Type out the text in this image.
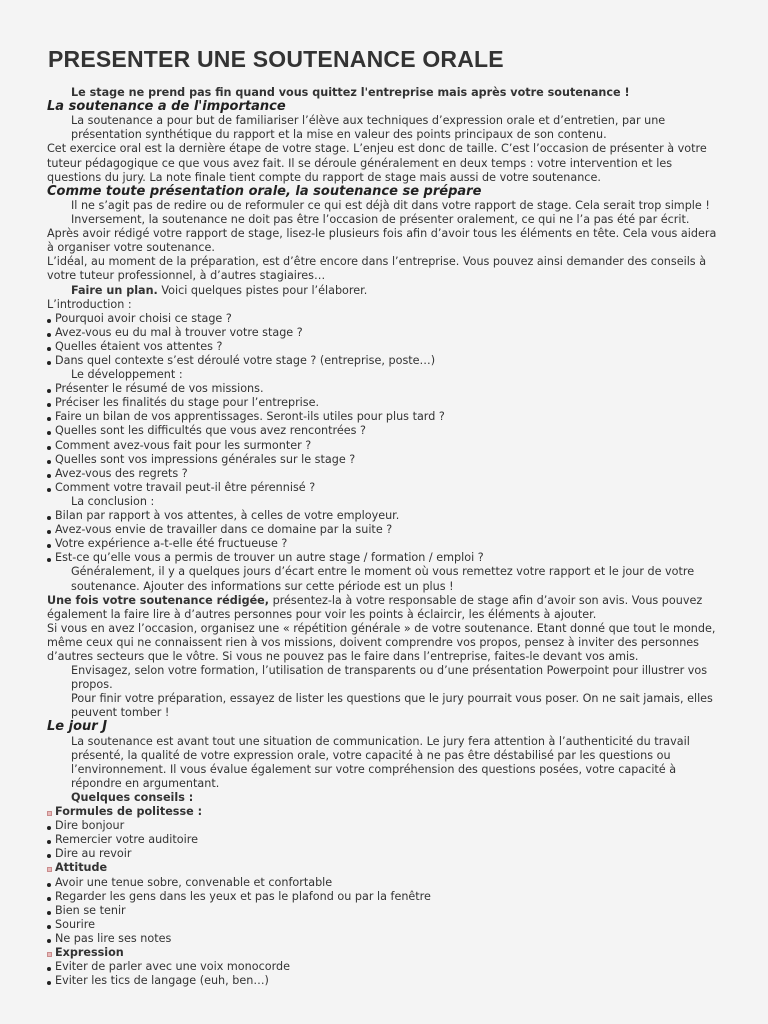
PRESENTER UNE SOUTENANCE ORALE
Le stage ne prend pas fin quand vous quittez l'entreprise mais après votre soutenance !
La soutenance a de l'importance
La soutenance a pour but de familiariser l’élève aux techniques d’expression orale et d’entretien, par une présentation synthétique du rapport et la mise en valeur des points principaux de son contenu.
Cet exercice oral est la dernière étape de votre stage. L’enjeu est donc de taille. C’est l’occasion de présenter à votre tuteur pédagogique ce que vous avez fait. Il se déroule généralement en deux temps : votre intervention et les questions du jury. La note finale tient compte du rapport de stage mais aussi de votre soutenance.
Comme toute présentation orale, la soutenance se prépare
Il ne s’agit pas de redire ou de reformuler ce qui est déjà dit dans votre rapport de stage. Cela serait trop simple ! Inversement, la soutenance ne doit pas être l’occasion de présenter oralement, ce qui ne l’a pas été par écrit.
Après avoir rédigé votre rapport de stage, lisez-le plusieurs fois afin d’avoir tous les éléments en tête. Cela vous aidera à organiser votre soutenance.
L’idéal, au moment de la préparation, est d’être encore dans l’entreprise. Vous pouvez ainsi demander des conseils à votre tuteur professionnel, à d’autres stagiaires…
Faire un plan. Voici quelques pistes pour l’élaborer.
L’introduction :
Pourquoi avoir choisi ce stage ?
Avez-vous eu du mal à trouver votre stage ?
Quelles étaient vos attentes ?
Dans quel contexte s’est déroulé votre stage ? (entreprise, poste…)
Le développement :
Présenter le résumé de vos missions.
Préciser les finalités du stage pour l’entreprise.
Faire un bilan de vos apprentissages. Seront-ils utiles pour plus tard ?
Quelles sont les difficultés que vous avez rencontrées ?
Comment avez-vous fait pour les surmonter ?
Quelles sont vos impressions générales sur le stage ?
Avez-vous des regrets ?
Comment votre travail peut-il être pérennisé ?
La conclusion :
Bilan par rapport à vos attentes, à celles de votre employeur.
Avez-vous envie de travailler dans ce domaine par la suite ?
Votre expérience a-t-elle été fructueuse ?
Est-ce qu’elle vous a permis de trouver un autre stage / formation / emploi ?
Généralement, il y a quelques jours d’écart entre le moment où vous remettez votre rapport et le jour de votre soutenance. Ajouter des informations sur cette période est un plus !
Une fois votre soutenance rédigée, présentez-la à votre responsable de stage afin d’avoir son avis. Vous pouvez également la faire lire à d’autres personnes pour voir les points à éclaircir, les éléments à ajouter.
Si vous en avez l’occasion, organisez une « répétition générale » de votre soutenance. Etant donné que tout le monde, même ceux qui ne connaissent rien à vos missions, doivent comprendre vos propos, pensez à inviter des personnes d’autres secteurs que le vôtre. Si vous ne pouvez pas le faire dans l’entreprise, faites-le devant vos amis.
Envisagez, selon votre formation, l’utilisation de transparents ou d’une présentation Powerpoint pour illustrer vos propos.
Pour finir votre préparation, essayez de lister les questions que le jury pourrait vous poser. On ne sait jamais, elles peuvent tomber !
Le jour J
La soutenance est avant tout une situation de communication. Le jury fera attention à l’authenticité du travail présenté, la qualité de votre expression orale, votre capacité à ne pas être déstabilisé par les questions ou l’environnement. Il vous évalue également sur votre compréhension des questions posées, votre capacité à répondre en argumentant.
Quelques conseils :
Formules de politesse :
Dire bonjour
Remercier votre auditoire
Dire au revoir
Attitude
Avoir une tenue sobre, convenable et confortable
Regarder les gens dans les yeux et pas le plafond ou par la fenêtre
Bien se tenir
Sourire
Ne pas lire ses notes
Expression
Eviter de parler avec une voix monocorde
Eviter les tics de langage (euh, ben…)
